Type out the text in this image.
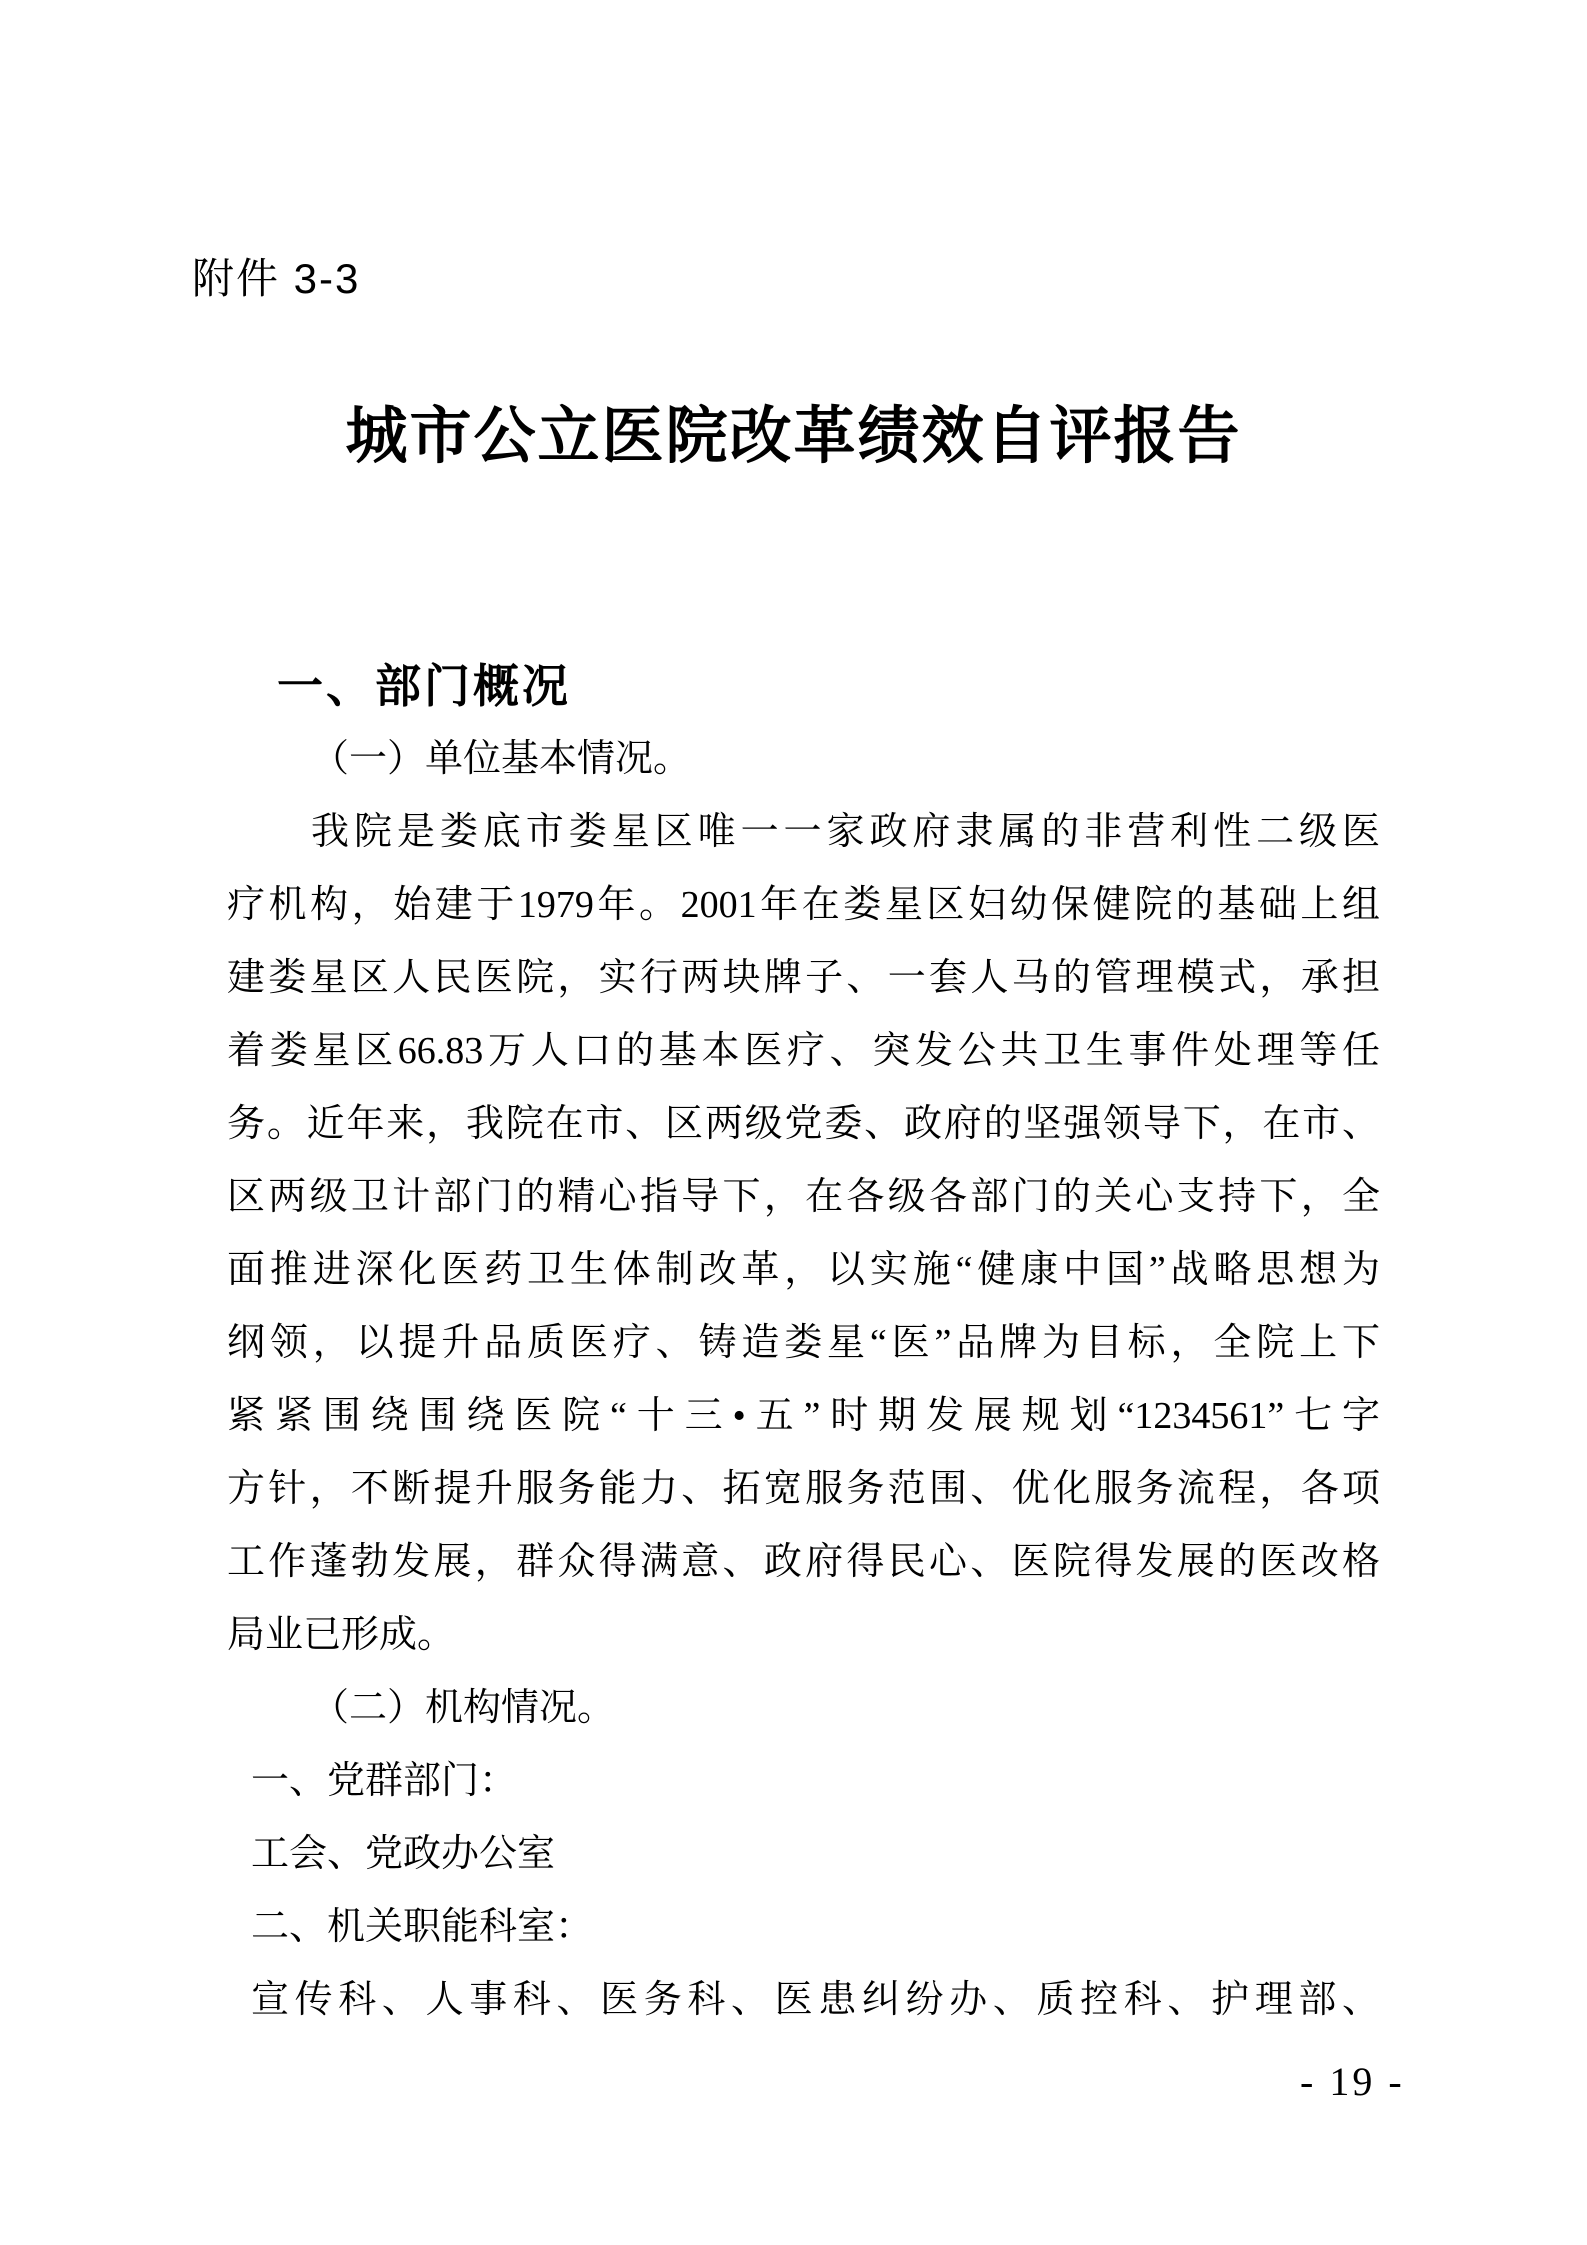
附件 3-3
城市公立医院改革绩效自评报告
一、部门概况
（一）单位基本情况。
我院是娄底市娄星区唯一一家政府隶属的非营利性二级医
疗机构，始建于1979年。2001年在娄星区妇幼保健院的基础上组
建娄星区人民医院，实行两块牌子、一套人马的管理模式，承担
着娄星区66.83万人口的基本医疗、突发公共卫生事件处理等任
务。近年来，我院在市、区两级党委、政府的坚强领导下，在市、
区两级卫计部门的精心指导下，在各级各部门的关心支持下，全
面推进深化医药卫生体制改革，以实施“健康中国”战略思想为
纲领，以提升品质医疗、铸造娄星“医”品牌为目标，全院上下
紧紧围绕围绕医院“十三•五”时期发展规划“1234561”七字
方针，不断提升服务能力、拓宽服务范围、优化服务流程，各项
工作蓬勃发展，群众得满意、政府得民心、医院得发展的医改格
局业已形成。
（二）机构情况。
一、党群部门：
工会、党政办公室
二、机关职能科室：
宣传科、人事科、医务科、医患纠纷办、质控科、护理部、
- 19 -
